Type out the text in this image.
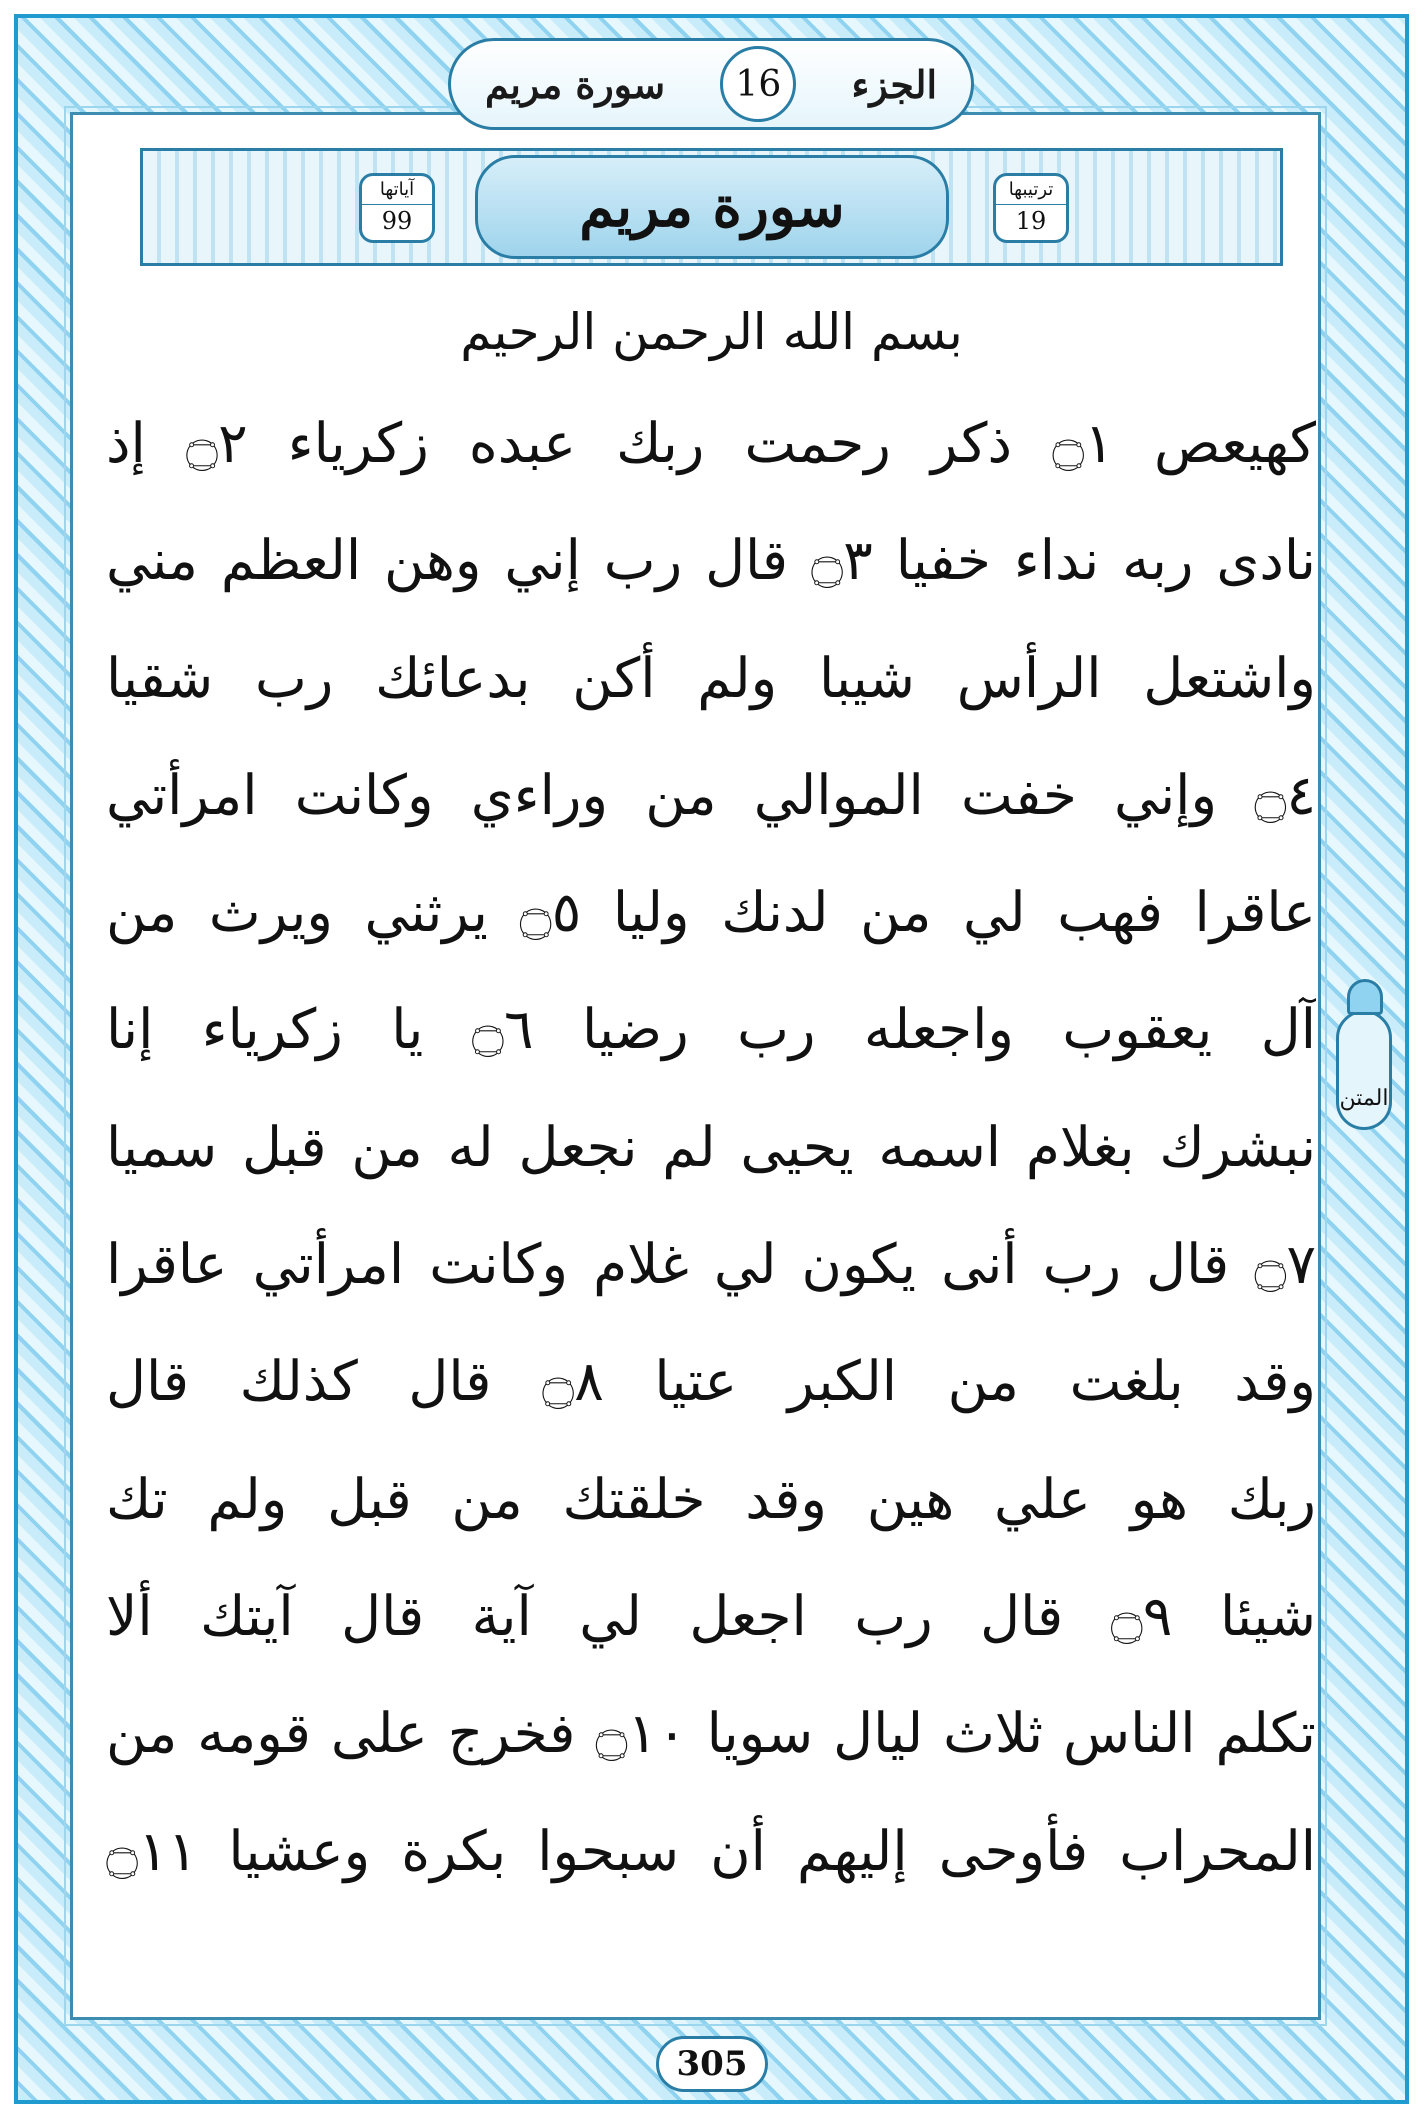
سورة مريم	16	الجزء
آياتها
99	سورة مريم	ترتيبها
19
بسم الله الرحمن الرحيم
كهيعص ۝١ ذكر رحمت ربك عبده زكرياء ۝٢ إذ
نادى ربه نداء خفيا ۝٣ قال رب إني وهن العظم مني
واشتعل الرأس شيبا ولم أكن بدعائك رب شقيا
۝٤ وإني خفت الموالي من وراءي وكانت امرأتي
عاقرا فهب لي من لدنك وليا ۝٥ يرثني ويرث من
آل يعقوب واجعله رب رضيا ۝٦ يا زكرياء إنا
نبشرك بغلام اسمه يحيى لم نجعل له من قبل سميا
۝٧ قال رب أنى يكون لي غلام وكانت امرأتي عاقرا
وقد بلغت من الكبر عتيا ۝٨ قال كذلك قال
ربك هو علي هين وقد خلقتك من قبل ولم تك
شيئا ۝٩ قال رب اجعل لي آية قال آيتك ألا
تكلم الناس ثلاث ليال سويا ۝١٠ فخرج على قومه من
المحراب فأوحى إليهم أن سبحوا بكرة وعشيا ۝١١
المتن
305
